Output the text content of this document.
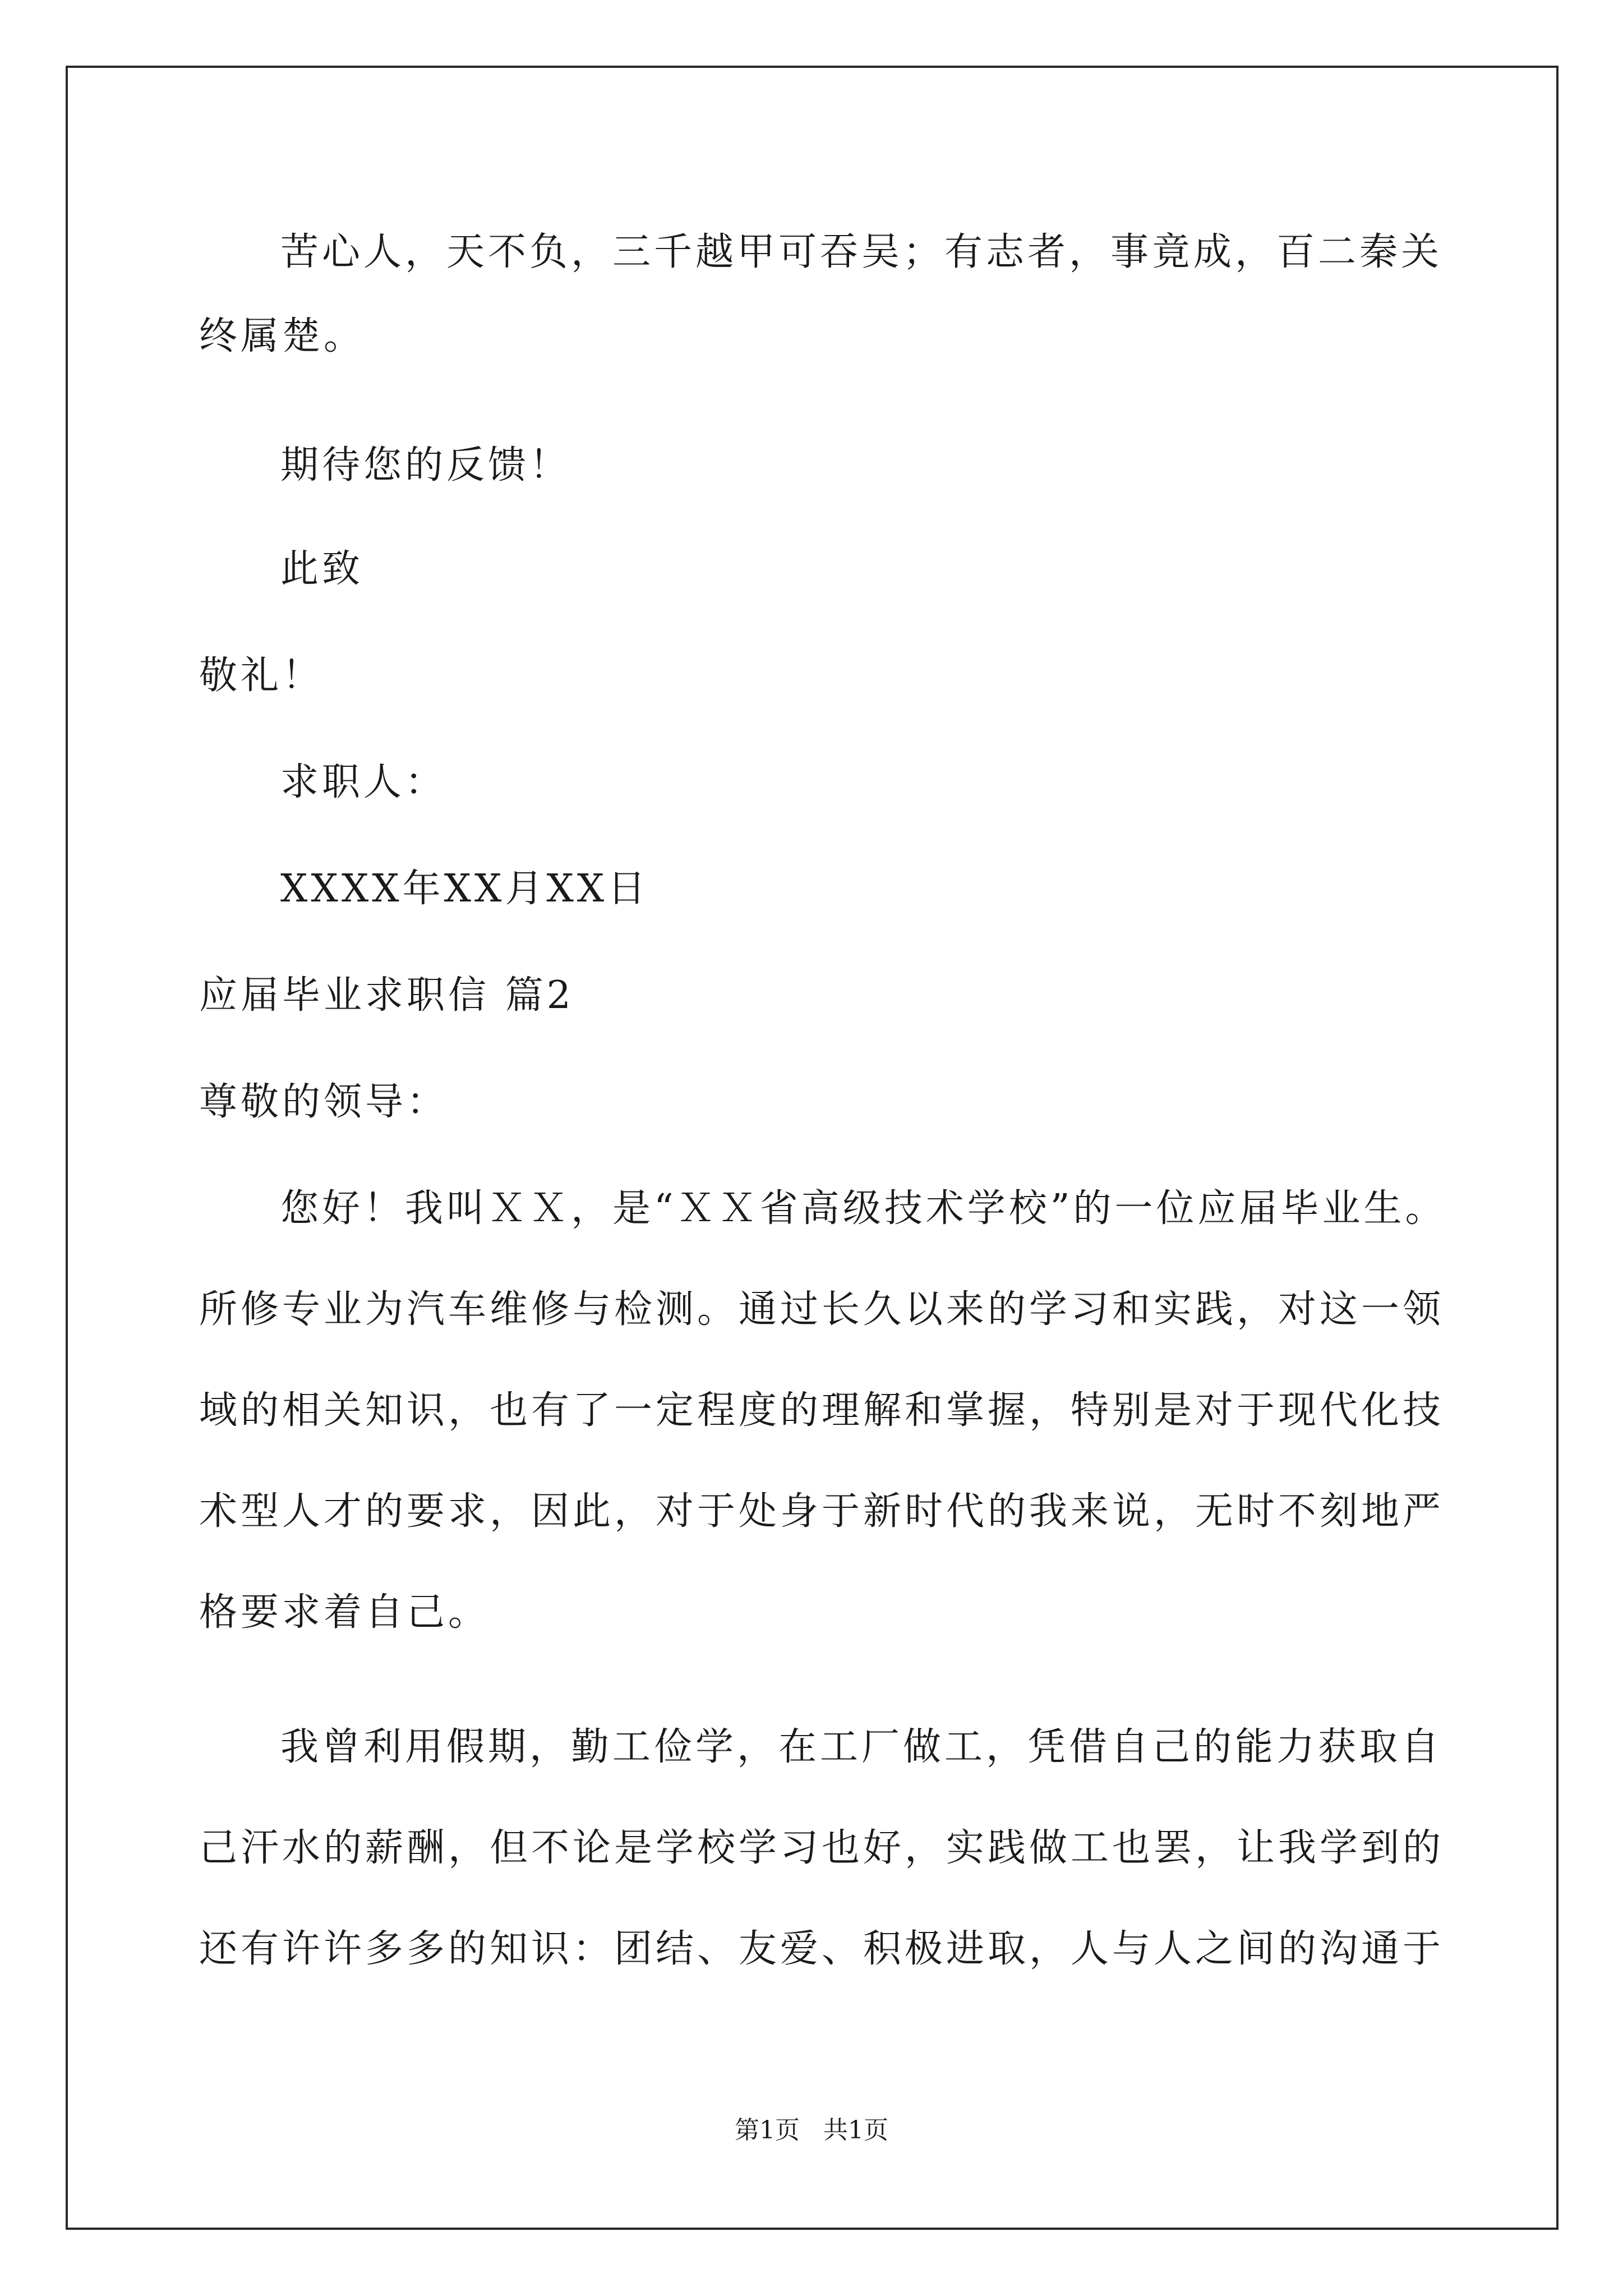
苦心人，天不负，三千越甲可吞吴；有志者，事竟成，百二秦关
终属楚。
期待您的反馈！
此致
敬礼！
求职人：
XXXX年XX月XX日
应届毕业求职信 篇2
尊敬的领导：
您好！我叫ＸＸ，是“ＸＸ省高级技术学校”的一位应届毕业生。
所修专业为汽车维修与检测。通过长久以来的学习和实践，对这一领
域的相关知识，也有了一定程度的理解和掌握，特别是对于现代化技
术型人才的要求，因此，对于处身于新时代的我来说，无时不刻地严
格要求着自己。
我曾利用假期，勤工俭学，在工厂做工，凭借自己的能力获取自
己汗水的薪酬，但不论是学校学习也好，实践做工也罢，让我学到的
还有许许多多的知识：团结、友爱、积极进取，人与人之间的沟通于
第1页   共1页
